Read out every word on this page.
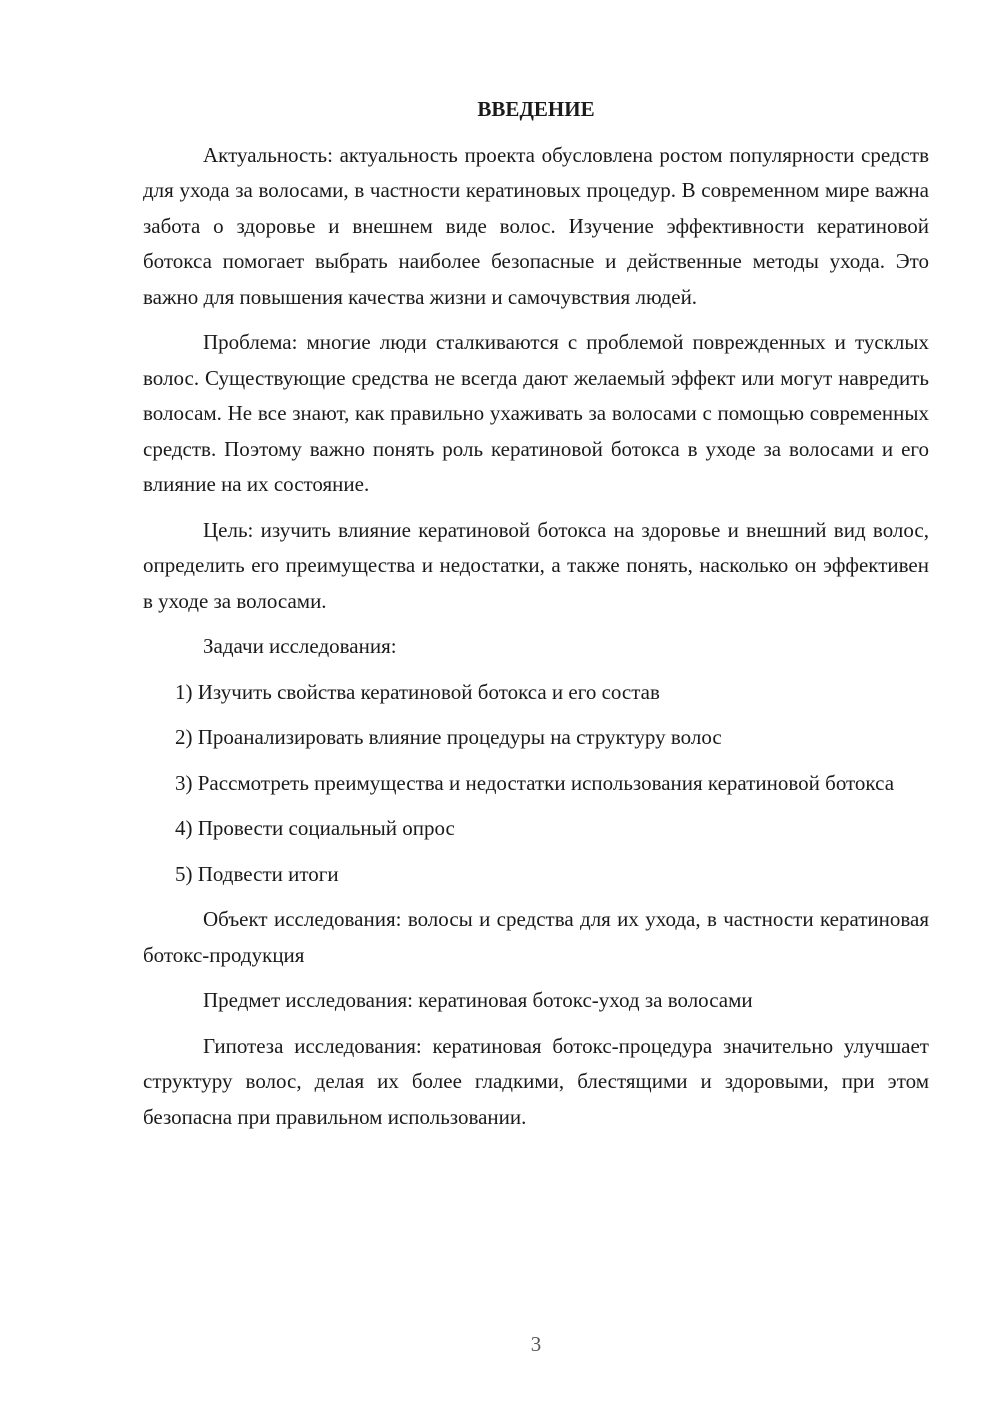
ВВЕДЕНИЕ

Актуальность: актуальность проекта обусловлена ростом популярности средств для ухода за волосами, в частности кератиновых процедур. В современном мире важна забота о здоровье и внешнем виде волос. Изучение эффективности кератиновой ботокса помогает выбрать наиболее безопасные и действенные методы ухода. Это важно для повышения качества жизни и самочувствия людей.

Проблема: многие люди сталкиваются с проблемой поврежденных и тусклых волос. Существующие средства не всегда дают желаемый эффект или могут навредить волосам. Не все знают, как правильно ухаживать за волосами с помощью современных средств. Поэтому важно понять роль кератиновой ботокса в уходе за волосами и его влияние на их состояние.

Цель: изучить влияние кератиновой ботокса на здоровье и внешний вид волос, определить его преимущества и недостатки, а также понять, насколько он эффективен в уходе за волосами.

Задачи исследования:

1) Изучить свойства кератиновой ботокса и его состав

2) Проанализировать влияние процедуры на структуру волос

3) Рассмотреть преимущества и недостатки использования кератиновой ботокса

4) Провести социальный опрос

5) Подвести итоги

Объект исследования: волосы и средства для их ухода, в частности кератиновая ботокс-продукция

Предмет исследования: кератиновая ботокс-уход за волосами

Гипотеза исследования: кератиновая ботокс-процедура значительно улучшает структуру волос, делая их более гладкими, блестящими и здоровыми, при этом безопасна при правильном использовании.

3
